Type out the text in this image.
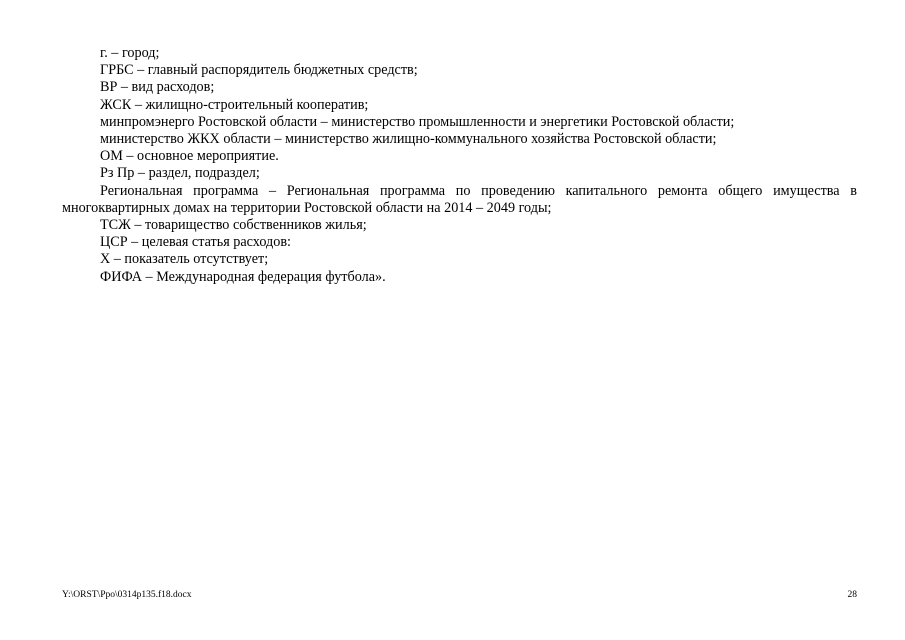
г. – город;

ГРБС – главный распорядитель бюджетных средств;

ВР – вид расходов;

ЖСК – жилищно-строительный кооператив;

минпромэнерго Ростовской области – министерство промышленности и энергетики Ростовской области;

министерство ЖКХ области – министерство жилищно-коммунального хозяйства Ростовской области;

ОМ – основное мероприятие.

Рз Пр – раздел, подраздел;

Региональная программа – Региональная программа по проведению капитального ремонта общего имущества в многоквартирных домах на территории Ростовской области на 2014 – 2049 годы;

ТСЖ – товарищество собственников жилья;

ЦСР – целевая статья расходов:

Х – показатель отсутствует;

ФИФА – Международная федерация футбола».

Y:\ORST\Ppo\0314p135.f18.docx	28
